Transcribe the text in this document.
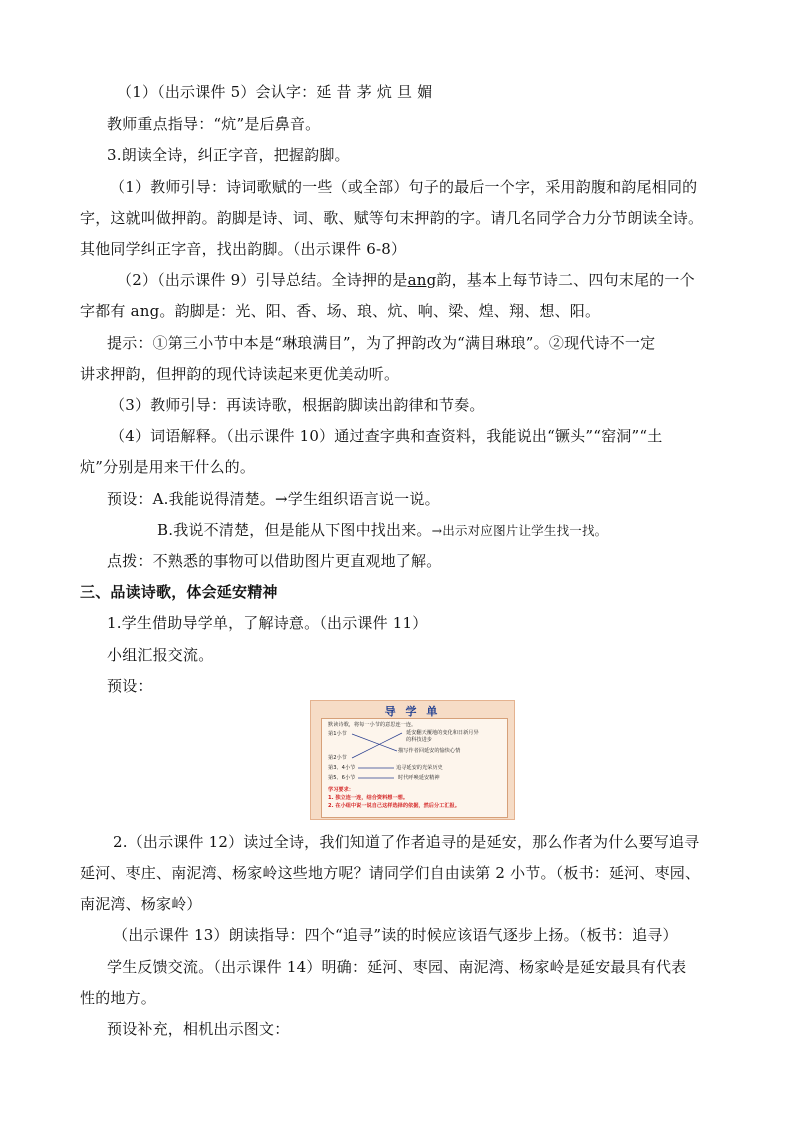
（1）（出示课件 5）会认字：延 昔 茅 炕 旦 媚
教师重点指导：“炕”是后鼻音。
3.朗读全诗，纠正字音，把握韵脚。
（1）教师引导：诗词歌赋的一些（或全部）句子的最后一个字，采用韵腹和韵尾相同的
字，这就叫做押韵。韵脚是诗、词、歌、赋等句末押韵的字。请几名同学合力分节朗读全诗。
其他同学纠正字音，找出韵脚。（出示课件 6-8）
（2）（出示课件 9）引导总结。全诗押的是ang韵，基本上每节诗二、四句末尾的一个
字都有 ang。韵脚是：光、阳、香、场、琅、炕、响、梁、煌、翔、想、阳。
提示：①第三小节中本是“琳琅满目”，为了押韵改为“满目琳琅”。②现代诗不一定
讲求押韵，但押韵的现代诗读起来更优美动听。
（3）教师引导：再读诗歌，根据韵脚读出韵律和节奏。
（4）词语解释。（出示课件 10）通过查字典和查资料，我能说出“镢头”“窑洞”“土
炕”分别是用来干什么的。
预设：A.我能说得清楚。→学生组织语言说一说。
B.我说不清楚，但是能从下图中找出来。→出示对应图片让学生找一找。
点拨：不熟悉的事物可以借助图片更直观地了解。
三、品读诗歌，体会延安精神
1.学生借助导学单，了解诗意。（出示课件 11）
小组汇报交流。
预设：
导 学 单
默读诗歌，将每一小节的意思连一连。
第1小节
第2小节
第3、4小节
第5、6小节
延安翻天覆地的变化和日新月异
的科技进步
描写作者回延安的愉快心情
追寻延安的光荣历史
时代呼唤延安精神
学习要求：
1. 独立连一连，结合资料想一想。
2. 在小组中说一说自己这样选择的依据，然后分工汇报。
2.（出示课件 12）读过全诗，我们知道了作者追寻的是延安，那么作者为什么要写追寻
延河、枣庄、南泥湾、杨家岭这些地方呢？请同学们自由读第 2 小节。（板书：延河、枣园、
南泥湾、杨家岭）
（出示课件 13）朗读指导：四个“追寻”读的时候应该语气逐步上扬。（板书：追寻）
学生反馈交流。（出示课件 14）明确：延河、枣园、南泥湾、杨家岭是延安最具有代表
性的地方。
预设补充，相机出示图文：
